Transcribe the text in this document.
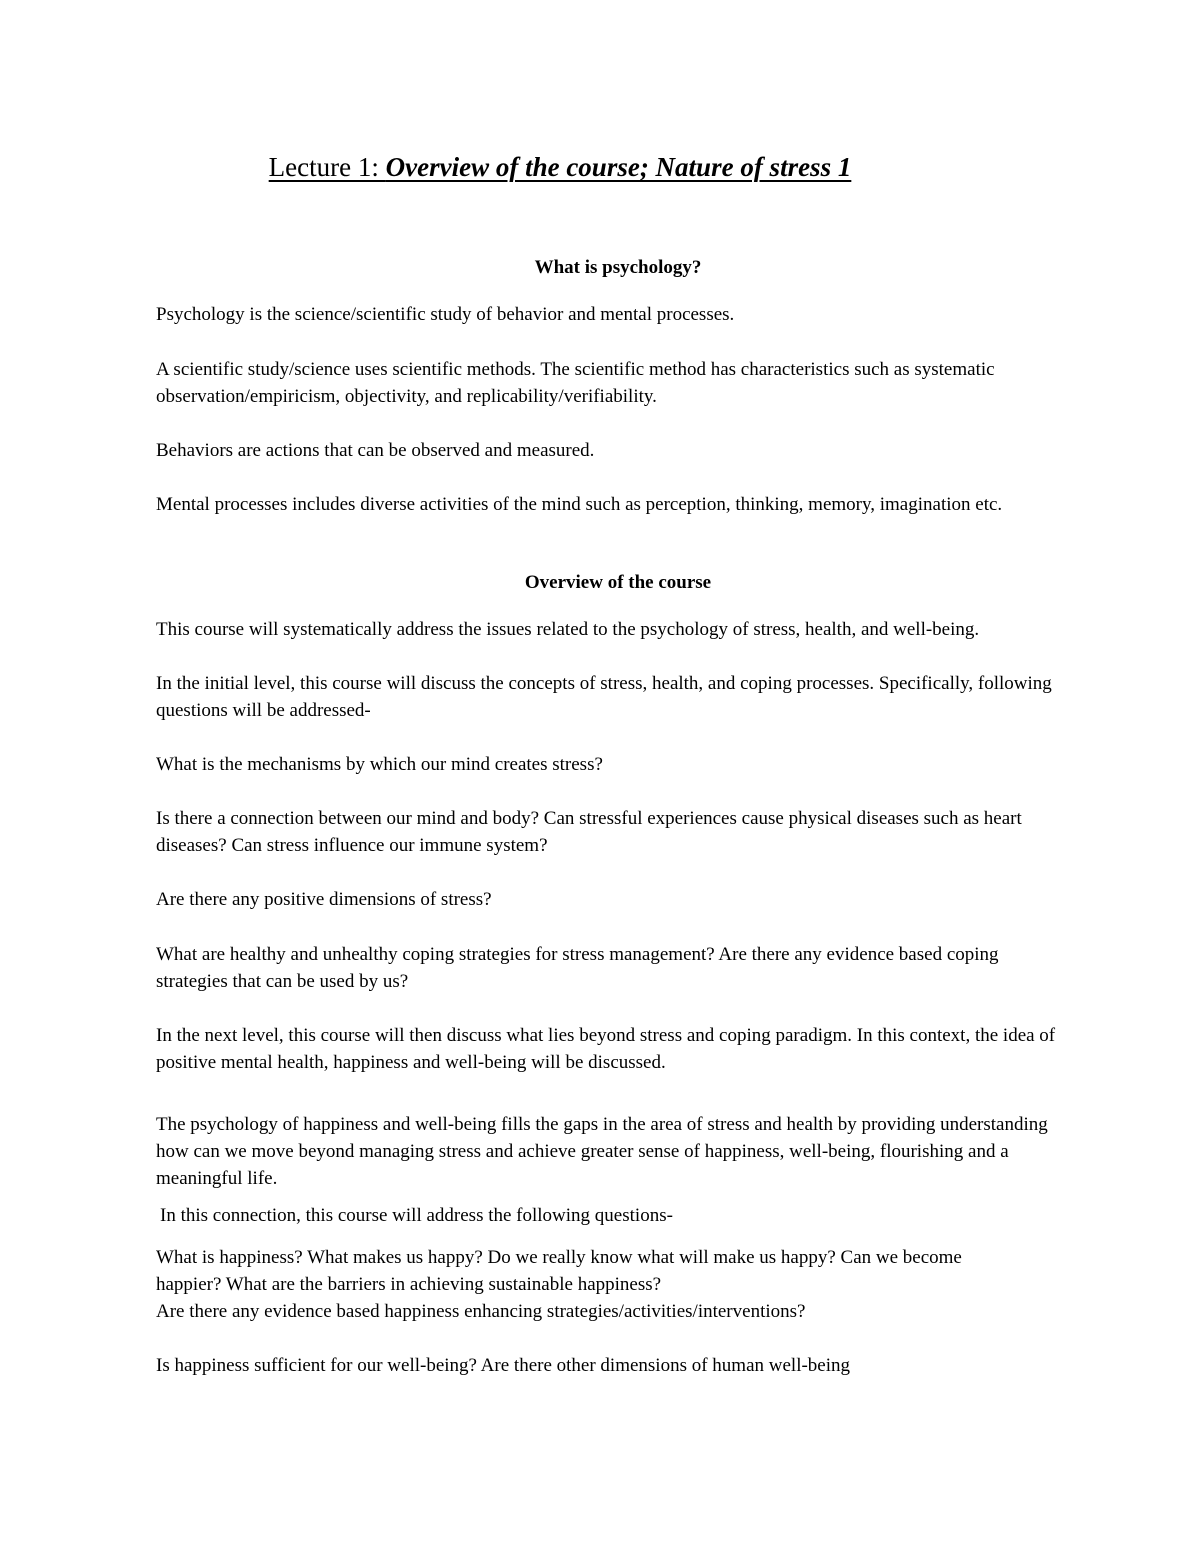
Lecture 1: Overview of the course; Nature of stress 1
What is psychology?
Psychology is the science/scientific study of behavior and mental processes.
A scientific study/science uses scientific methods. The scientific method has characteristics such as systematic observation/empiricism, objectivity, and replicability/verifiability.
Behaviors are actions that can be observed and measured.
Mental processes includes diverse activities of the mind such as perception, thinking, memory, imagination etc.
Overview of the course
This course will systematically address the issues related to the psychology of stress, health, and well-being.
In the initial level, this course will discuss the concepts of stress, health, and coping processes. Specifically, following questions will be addressed-
What is the mechanisms by which our mind creates stress?
Is there a connection between our mind and body? Can stressful experiences cause physical diseases such as heart diseases? Can stress influence our immune system?
Are there any positive dimensions of stress?
What are healthy and unhealthy coping strategies for stress management? Are there any evidence based coping strategies that can be used by us?
In the next level, this course will then discuss what lies beyond stress and coping paradigm. In this context, the idea of positive mental health, happiness and well-being will be discussed.
The psychology of happiness and well-being fills the gaps in the area of stress and health by providing understanding how can we move beyond managing stress and achieve greater sense of happiness, well-being, flourishing and a meaningful life.
In this connection, this course will address the following questions-
What is happiness? What makes us happy? Do we really know what will make us happy? Can we become happier? What are the barriers in achieving sustainable happiness?
Are there any evidence based happiness enhancing strategies/activities/interventions?
Is happiness sufficient for our well-being? Are there other dimensions of human well-being
